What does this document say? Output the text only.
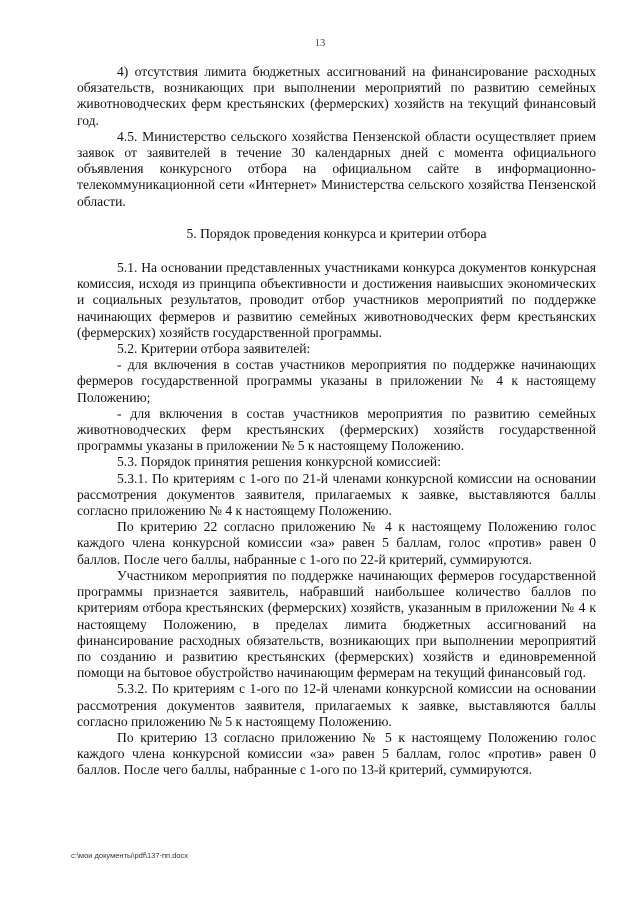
13

4) отсутствия лимита бюджетных ассигнований на финансирование расходных обязательств, возникающих при выполнении мероприятий по развитию семейных животноводческих ферм крестьянских (фермерских) хозяйств на текущий финансовый год.

4.5. Министерство сельского хозяйства Пензенской области осуществляет прием заявок от заявителей в течение 30 календарных дней с момента официального объявления конкурсного отбора на официальном сайте в информационно-телекоммуникационной сети «Интернет» Министерства сельского хозяйства Пензенской области.

5. Порядок проведения конкурса и критерии отбора

5.1. На основании представленных участниками конкурса документов конкурсная комиссия, исходя из принципа объективности и достижения наивысших экономических и социальных результатов, проводит отбор участников мероприятий по поддержке начинающих фермеров и развитию семейных животноводческих ферм крестьянских (фермерских) хозяйств государственной программы.

5.2. Критерии отбора заявителей:

- для включения в состав участников мероприятия по поддержке начинающих фермеров государственной программы указаны в приложении № 4 к настоящему Положению;

- для включения в состав участников мероприятия по развитию семейных животноводческих ферм крестьянских (фермерских) хозяйств государственной программы указаны в приложении № 5 к настоящему Положению.

5.3. Порядок принятия решения конкурсной комиссией:

5.3.1. По критериям с 1-ого по 21-й членами конкурсной комиссии на основании рассмотрения документов заявителя, прилагаемых к заявке, выставляются баллы согласно приложению № 4 к настоящему Положению.

По критерию 22 согласно приложению № 4 к настоящему Положению голос каждого члена конкурсной комиссии «за» равен 5 баллам, голос «против» равен 0 баллов. После чего баллы, набранные с 1-ого по 22-й критерий, суммируются.

Участником мероприятия по поддержке начинающих фермеров государственной программы признается заявитель, набравший наибольшее количество баллов по критериям отбора крестьянских (фермерских) хозяйств, указанным в приложении № 4 к настоящему Положению, в пределах лимита бюджетных ассигнований на финансирование расходных обязательств, возникающих при выполнении мероприятий по созданию и развитию крестьянских (фермерских) хозяйств и единовременной помощи на бытовое обустройство начинающим фермерам на текущий финансовый год.

5.3.2. По критериям с 1-ого по 12-й членами конкурсной комиссии на основании рассмотрения документов заявителя, прилагаемых к заявке, выставляются баллы согласно приложению № 5 к настоящему Положению.

По критерию 13 согласно приложению № 5 к настоящему Положению голос каждого члена конкурсной комиссии «за» равен 5 баллам, голос «против» равен 0 баллов. После чего баллы, набранные с 1-ого по 13-й критерий, суммируются.

c:\мои документы\pdf\137-пп.docx
